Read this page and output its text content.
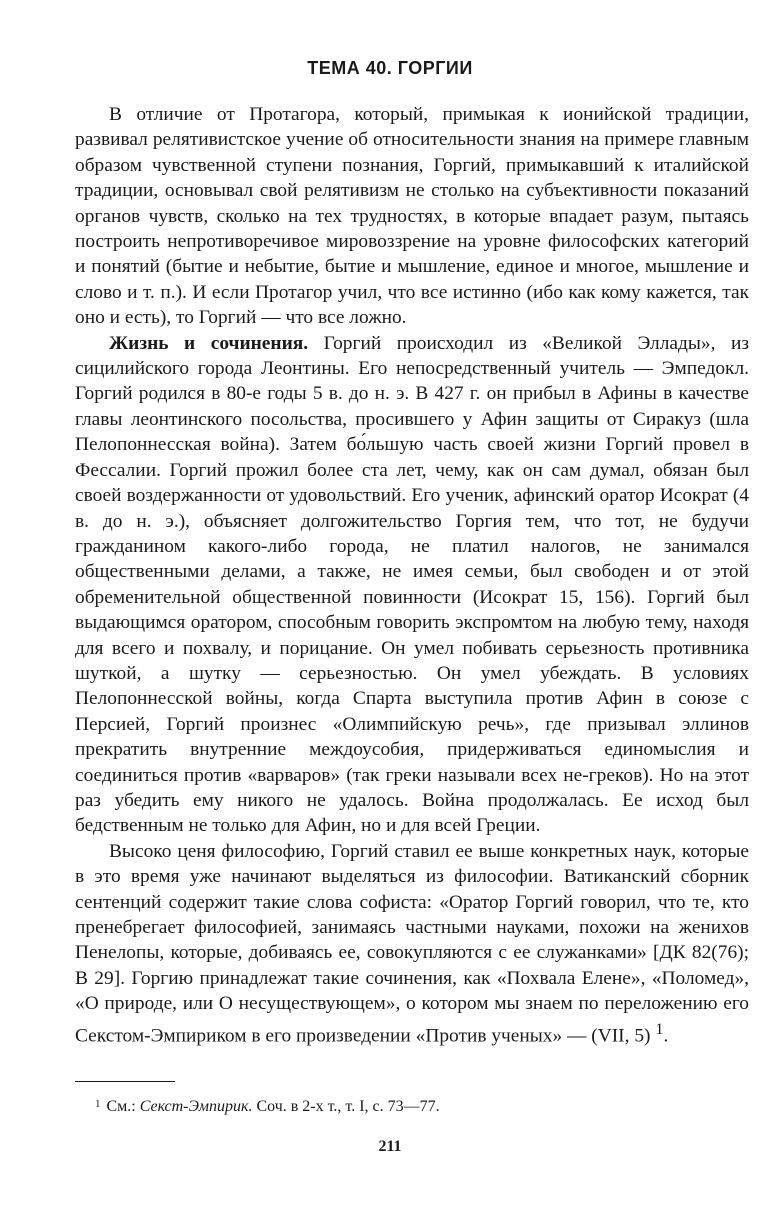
ТЕМА 40. ГОРГИИ

В отличие от Протагора, который, примыкая к ионийской традиции, развивал релятивистское учение об относительности знания на примере главным образом чувственной ступени познания, Горгий, примыкавший к италийской традиции, основывал свой релятивизм не столько на субъективности показаний органов чувств, сколько на тех трудностях, в которые впадает разум, пытаясь построить непротиворечивое мировоззрение на уровне философских категорий и понятий (бытие и небытие, бытие и мышление, единое и многое, мышление и слово и т. п.). И если Протагор учил, что все истинно (ибо как кому кажется, так оно и есть), то Горгий — что все ложно.

Жизнь и сочинения. Горгий происходил из «Великой Эллады», из сицилийского города Леонтины. Его непосредственный учитель — Эмпедокл. Горгий родился в 80-е годы 5 в. до н. э. В 427 г. он прибыл в Афины в качестве главы леонтинского посольства, просившего у Афин защиты от Сиракуз (шла Пелопоннесская война). Затем бо́льшую часть своей жизни Горгий провел в Фессалии. Горгий прожил более ста лет, чему, как он сам думал, обязан был своей воздержанности от удовольствий. Его ученик, афинский оратор Исократ (4 в. до н. э.), объясняет долгожительство Горгия тем, что тот, не будучи гражданином какого-либо города, не платил налогов, не занимался общественными делами, а также, не имея семьи, был свободен и от этой обременительной общественной повинности (Исократ 15, 156). Горгий был выдающимся оратором, способным говорить экспромтом на любую тему, находя для всего и похвалу, и порицание. Он умел побивать серьезность противника шуткой, а шутку — серьезностью. Он умел убеждать. В условиях Пелопоннесской войны, когда Спарта выступила против Афин в союзе с Персией, Горгий произнес «Олимпийскую речь», где призывал эллинов прекратить внутренние междоусобия, придерживаться единомыслия и соединиться против «варваров» (так греки называли всех не-греков). Но на этот раз убедить ему никого не удалось. Война продолжалась. Ее исход был бедственным не только для Афин, но и для всей Греции.

Высоко ценя философию, Горгий ставил ее выше конкретных наук, которые в это время уже начинают выделяться из философии. Ватиканский сборник сентенций содержит такие слова софиста: «Оратор Горгий говорил, что те, кто пренебрегает философией, занимаясь частными науками, похожи на женихов Пенелопы, которые, добиваясь ее, совокупляются с ее служанками» [ДК 82(76); В 29]. Горгию принадлежат такие сочинения, как «Похвала Елене», «Поломед», «О природе, или О несуществующем», о котором мы знаем по переложению его Секстом-Эмпириком в его произведении «Против ученых» — (VII, 5) $^1$.

$^1$ См.: Секст-Эмпирик. Соч. в 2-х т., т. I, с. 73—77.
211
